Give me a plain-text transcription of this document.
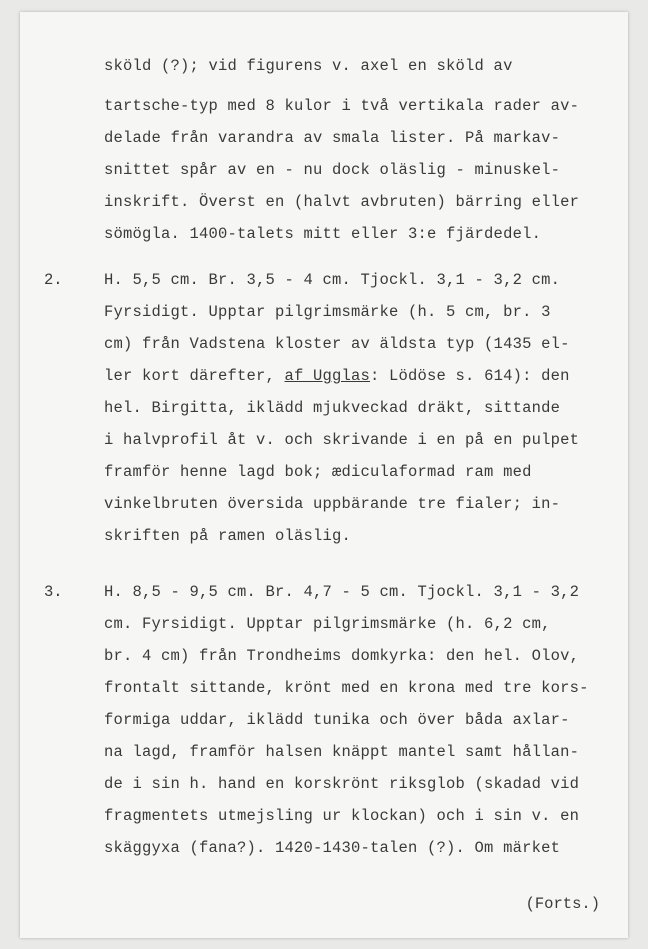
sköld (?); vid figurens v. axel en sköld av
tartsche-typ med 8 kulor i två vertikala rader av-
delade från varandra av smala lister. På markav-
snittet spår av en - nu dock oläslig - minuskel-
inskrift. Överst en (halvt avbruten) bärring eller
sömögla. 1400-talets mitt eller 3:e fjärdedel.
2.	H. 5,5 cm. Br. 3,5 - 4 cm. Tjockl. 3,1 - 3,2 cm.
Fyrsidigt. Upptar pilgrimsmärke (h. 5 cm, br. 3
cm) från Vadstena kloster av äldsta typ (1435 el-
ler kort därefter, af Ugglas: Lödöse s. 614): den
hel. Birgitta, iklädd mjukveckad dräkt, sittande
i halvprofil åt v. och skrivande i en på en pulpet
framför henne lagd bok; ædiculaformad ram med
vinkelbruten översida uppbärande tre fialer; in-
skriften på ramen oläslig.
3.	H. 8,5 - 9,5 cm. Br. 4,7 - 5 cm. Tjockl. 3,1 - 3,2
cm. Fyrsidigt. Upptar pilgrimsmärke (h. 6,2 cm,
br. 4 cm) från Trondheims domkyrka: den hel. Olov,
frontalt sittande, krönt med en krona med tre kors-
formiga uddar, iklädd tunika och över båda axlar-
na lagd, framför halsen knäppt mantel samt hållan-
de i sin h. hand en korskrönt riksglob (skadad vid
fragmentets utmejsling ur klockan) och i sin v. en
skäggyxa (fana?). 1420-1430-talen (?). Om märket
(Forts.)
